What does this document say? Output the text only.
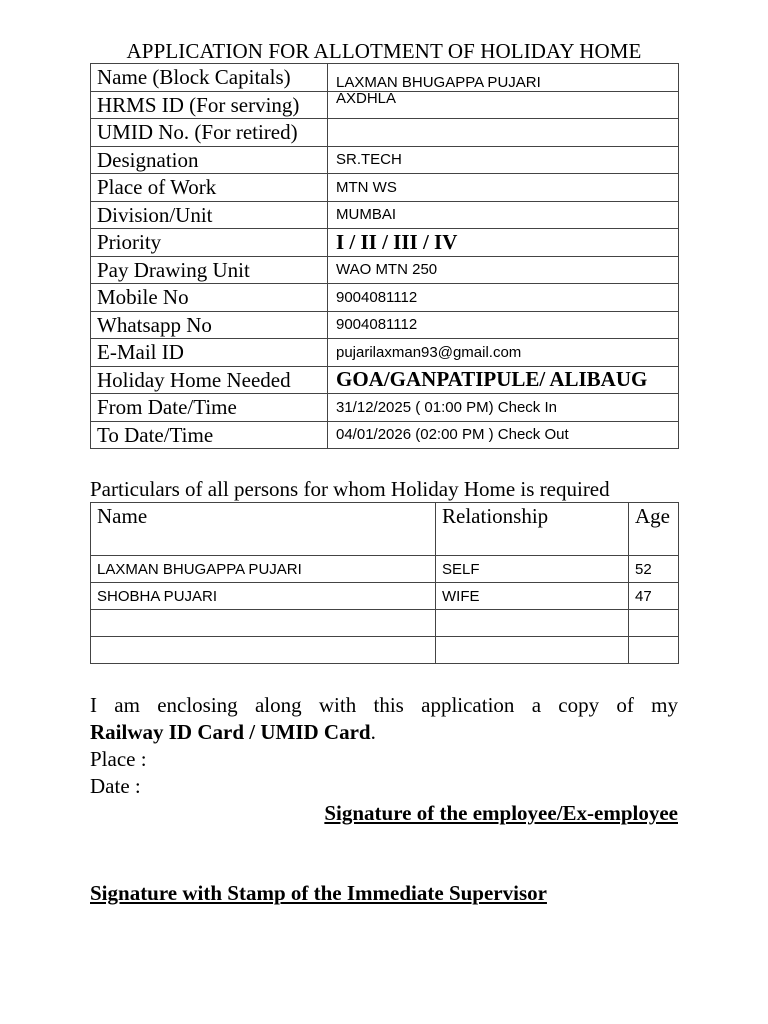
APPLICATION FOR ALLOTMENT OF HOLIDAY HOME
Name (Block Capitals)	LAXMAN BHUGAPPA PUJARI
HRMS ID (For serving)	AXDHLA
UMID No. (For retired)	
Designation	SR.TECH
Place of Work	MTN WS
Division/Unit	MUMBAI
Priority	I / II / III / IV
Pay Drawing Unit	WAO MTN 250
Mobile No	9004081112
Whatsapp No	9004081112
E-Mail ID	pujarilaxman93@gmail.com
Holiday Home Needed	GOA/GANPATIPULE/ ALIBAUG
From Date/Time	31/12/2025 ( 01:00 PM) Check In
To Date/Time	04/01/2026 (02:00 PM ) Check Out
Particulars of all persons for whom Holiday Home is required
Name	Relationship	Age
LAXMAN BHUGAPPA PUJARI	SELF	52
SHOBHA PUJARI	WIFE	47

I am enclosing along with this application a copy of my
Railway ID Card / UMID Card.
Place :
Date :
Signature of the employee/Ex-employee
Signature with Stamp of the Immediate Supervisor
